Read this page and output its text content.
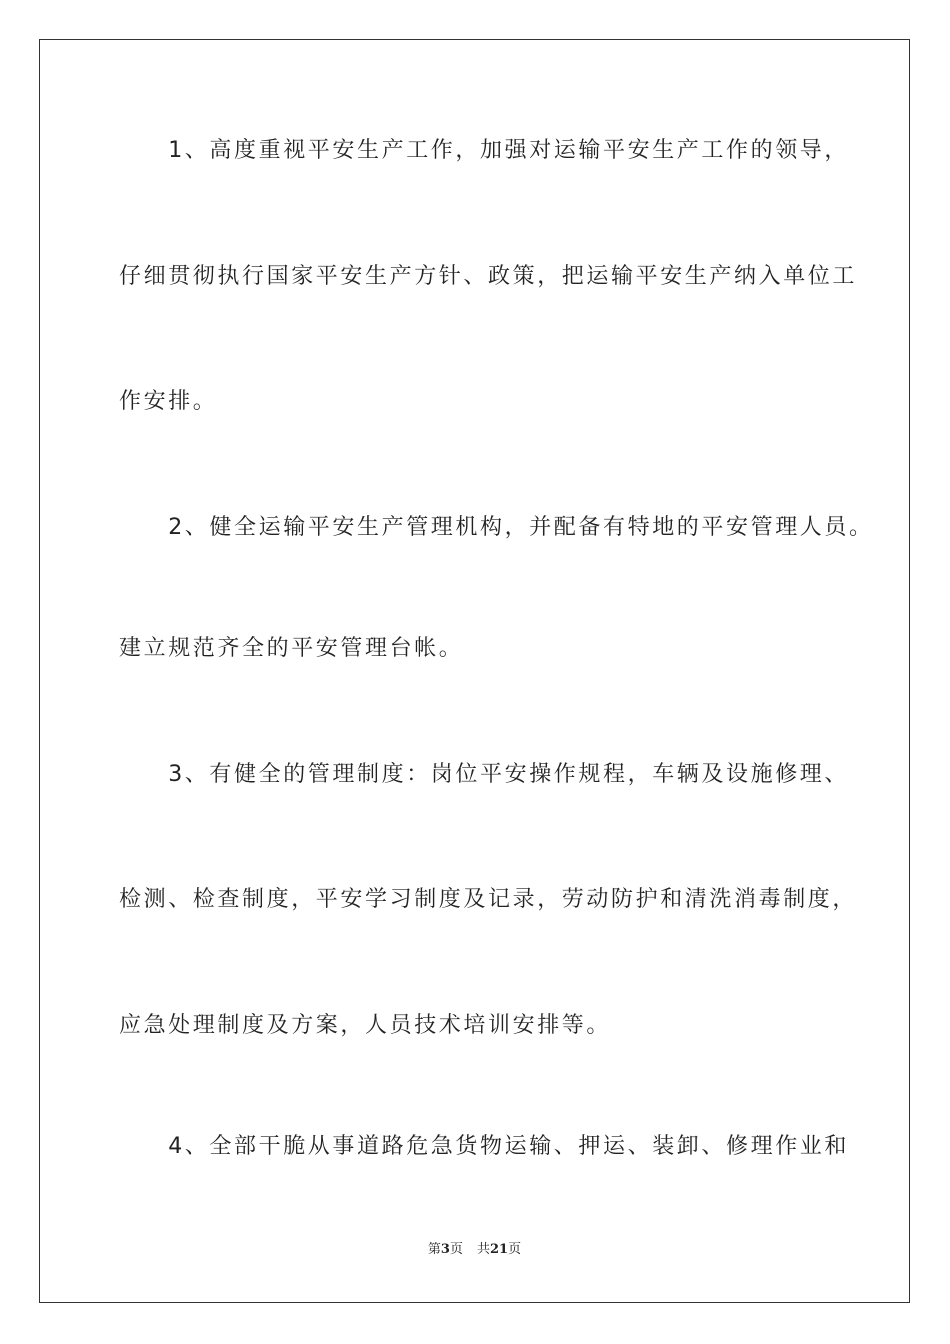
　　1、高度重视平安生产工作，加强对运输平安生产工作的领导，
仔细贯彻执行国家平安生产方针、政策，把运输平安生产纳入单位工
作安排。
　　2、健全运输平安生产管理机构，并配备有特地的平安管理人员。
建立规范齐全的平安管理台帐。
　　3、有健全的管理制度：岗位平安操作规程，车辆及设施修理、
检测、检查制度，平安学习制度及记录，劳动防护和清洗消毒制度，
应急处理制度及方案，人员技术培训安排等。
　　4、全部干脆从事道路危急货物运输、押运、装卸、修理作业和
第3页 共21页
